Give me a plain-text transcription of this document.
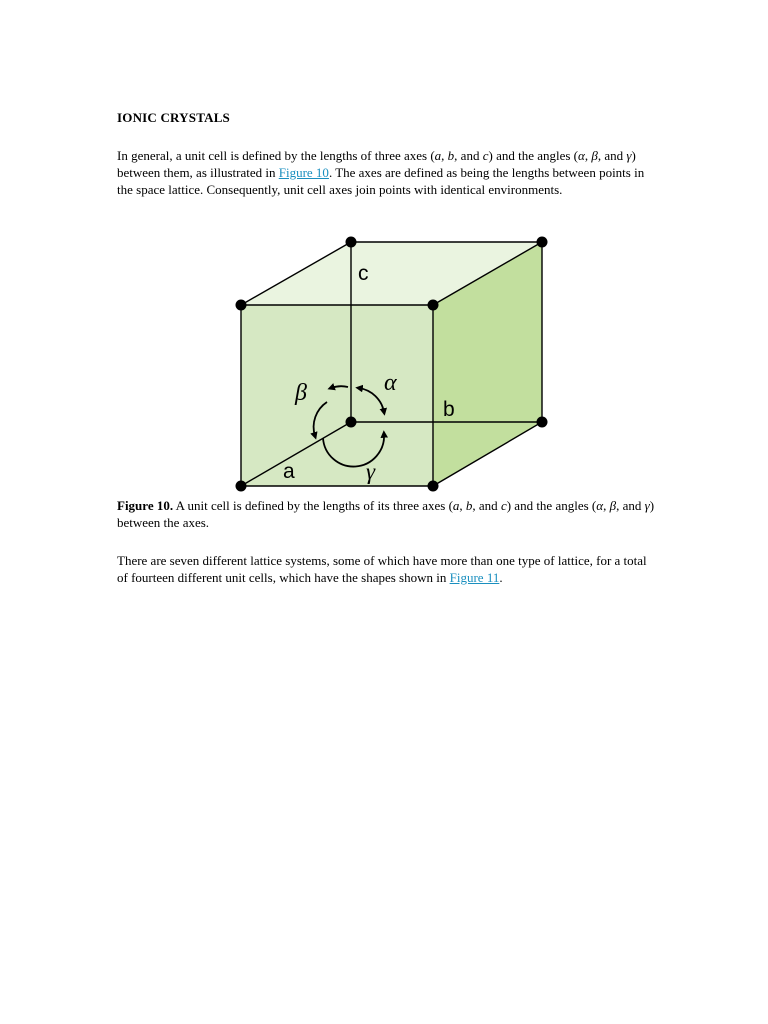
IONIC CRYSTALS

In general, a unit cell is defined by the lengths of three axes (a, b, and c) and the angles (α, β, and γ) between them, as illustrated in Figure 10. The axes are defined as being the lengths between points in the space lattice. Consequently, unit cell axes join points with identical environments.

c
b
a
α
β
γ

Figure 10. A unit cell is defined by the lengths of its three axes (a, b, and c) and the angles (α, β, and γ) between the axes.

There are seven different lattice systems, some of which have more than one type of lattice, for a total of fourteen different unit cells, which have the shapes shown in Figure 11.
